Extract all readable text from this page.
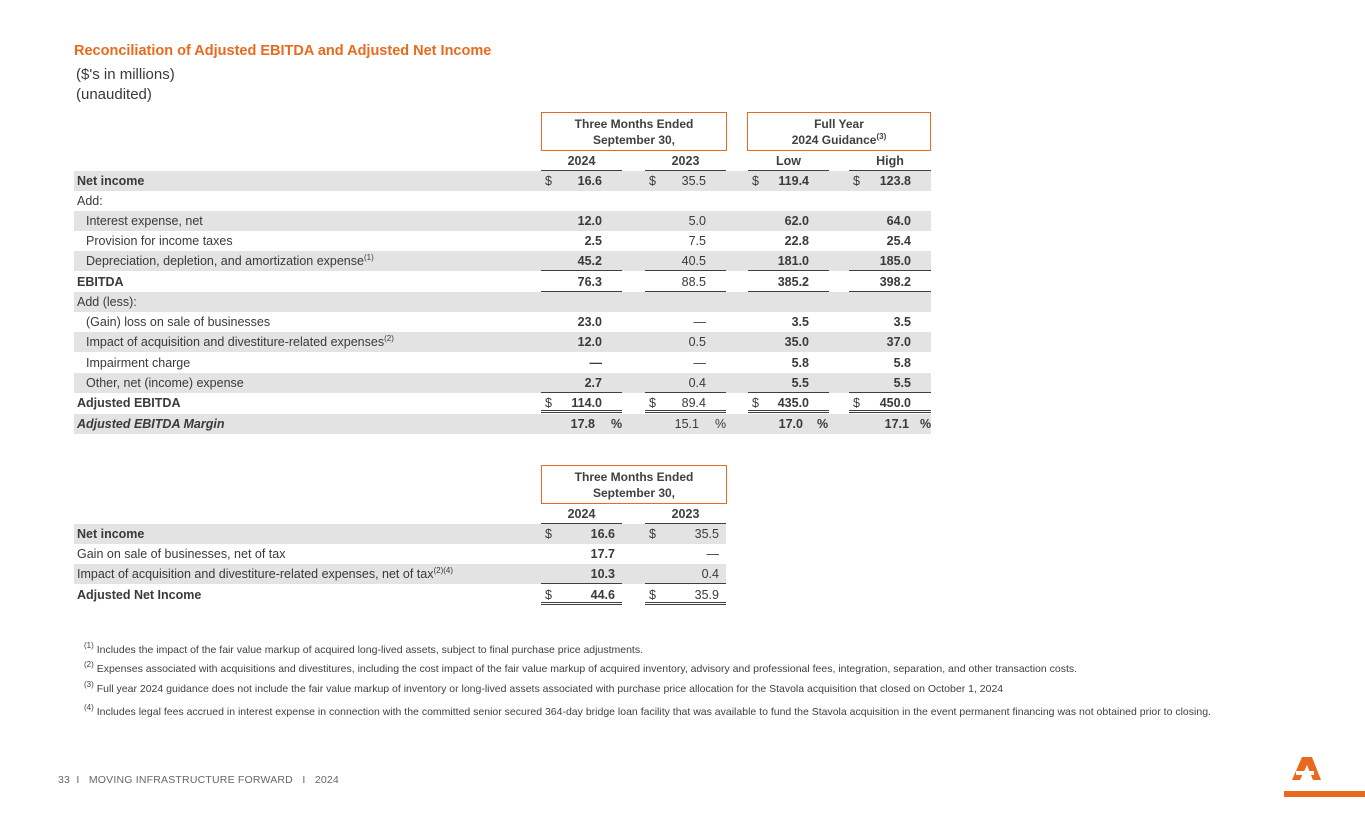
Reconciliation of Adjusted EBITDA and Adjusted Net Income
($'s in millions)
(unaudited)
Three Months Ended
September 30,
Full Year
2024 Guidance$^{(3)}$
2024	2023	Low	High
Net income	$ 16.6	$ 35.5	$ 119.4	$ 123.8
Add:
Interest expense, net	12.0	5.0	62.0	64.0
Provision for income taxes	2.5	7.5	22.8	25.4
Depreciation, depletion, and amortization expense$^{(1)}$	45.2	40.5	181.0	185.0
EBITDA	76.3	88.5	385.2	398.2
Add (less):
(Gain) loss on sale of businesses	23.0	—	3.5	3.5
Impact of acquisition and divestiture-related expenses$^{(2)}$	12.0	0.5	35.0	37.0
Impairment charge	—	—	5.8	5.8
Other, net (income) expense	2.7	0.4	5.5	5.5
Adjusted EBITDA	$ 114.0	$ 89.4	$ 435.0	$ 450.0
Adjusted EBITDA Margin	17.8 %	15.1 %	17.0 %	17.1 %
Three Months Ended
September 30,
2024	2023
Net income	$	16.6	$	35.5
Gain on sale of businesses, net of tax	17.7	—
Impact of acquisition and divestiture-related expenses, net of tax$^{(2)(4)}$	10.3	0.4
Adjusted Net Income	$	44.6	$	35.9
$^{(1)}$ Includes the impact of the fair value markup of acquired long-lived assets, subject to final purchase price adjustments.
$^{(2)}$ Expenses associated with acquisitions and divestitures, including the cost impact of the fair value markup of acquired inventory, advisory and professional fees, integration, separation, and other transaction costs.
$^{(3)}$ Full year 2024 guidance does not include the fair value markup of inventory or long-lived assets associated with purchase price allocation for the Stavola acquisition that closed on October 1, 2024
$^{(4)}$ Includes legal fees accrued in interest expense in connection with the committed senior secured 364-day bridge loan facility that was available to fund the Stavola acquisition in the event permanent financing was not obtained prior to closing.
33 I MOVING INFRASTRUCTURE FORWARD I 2024
